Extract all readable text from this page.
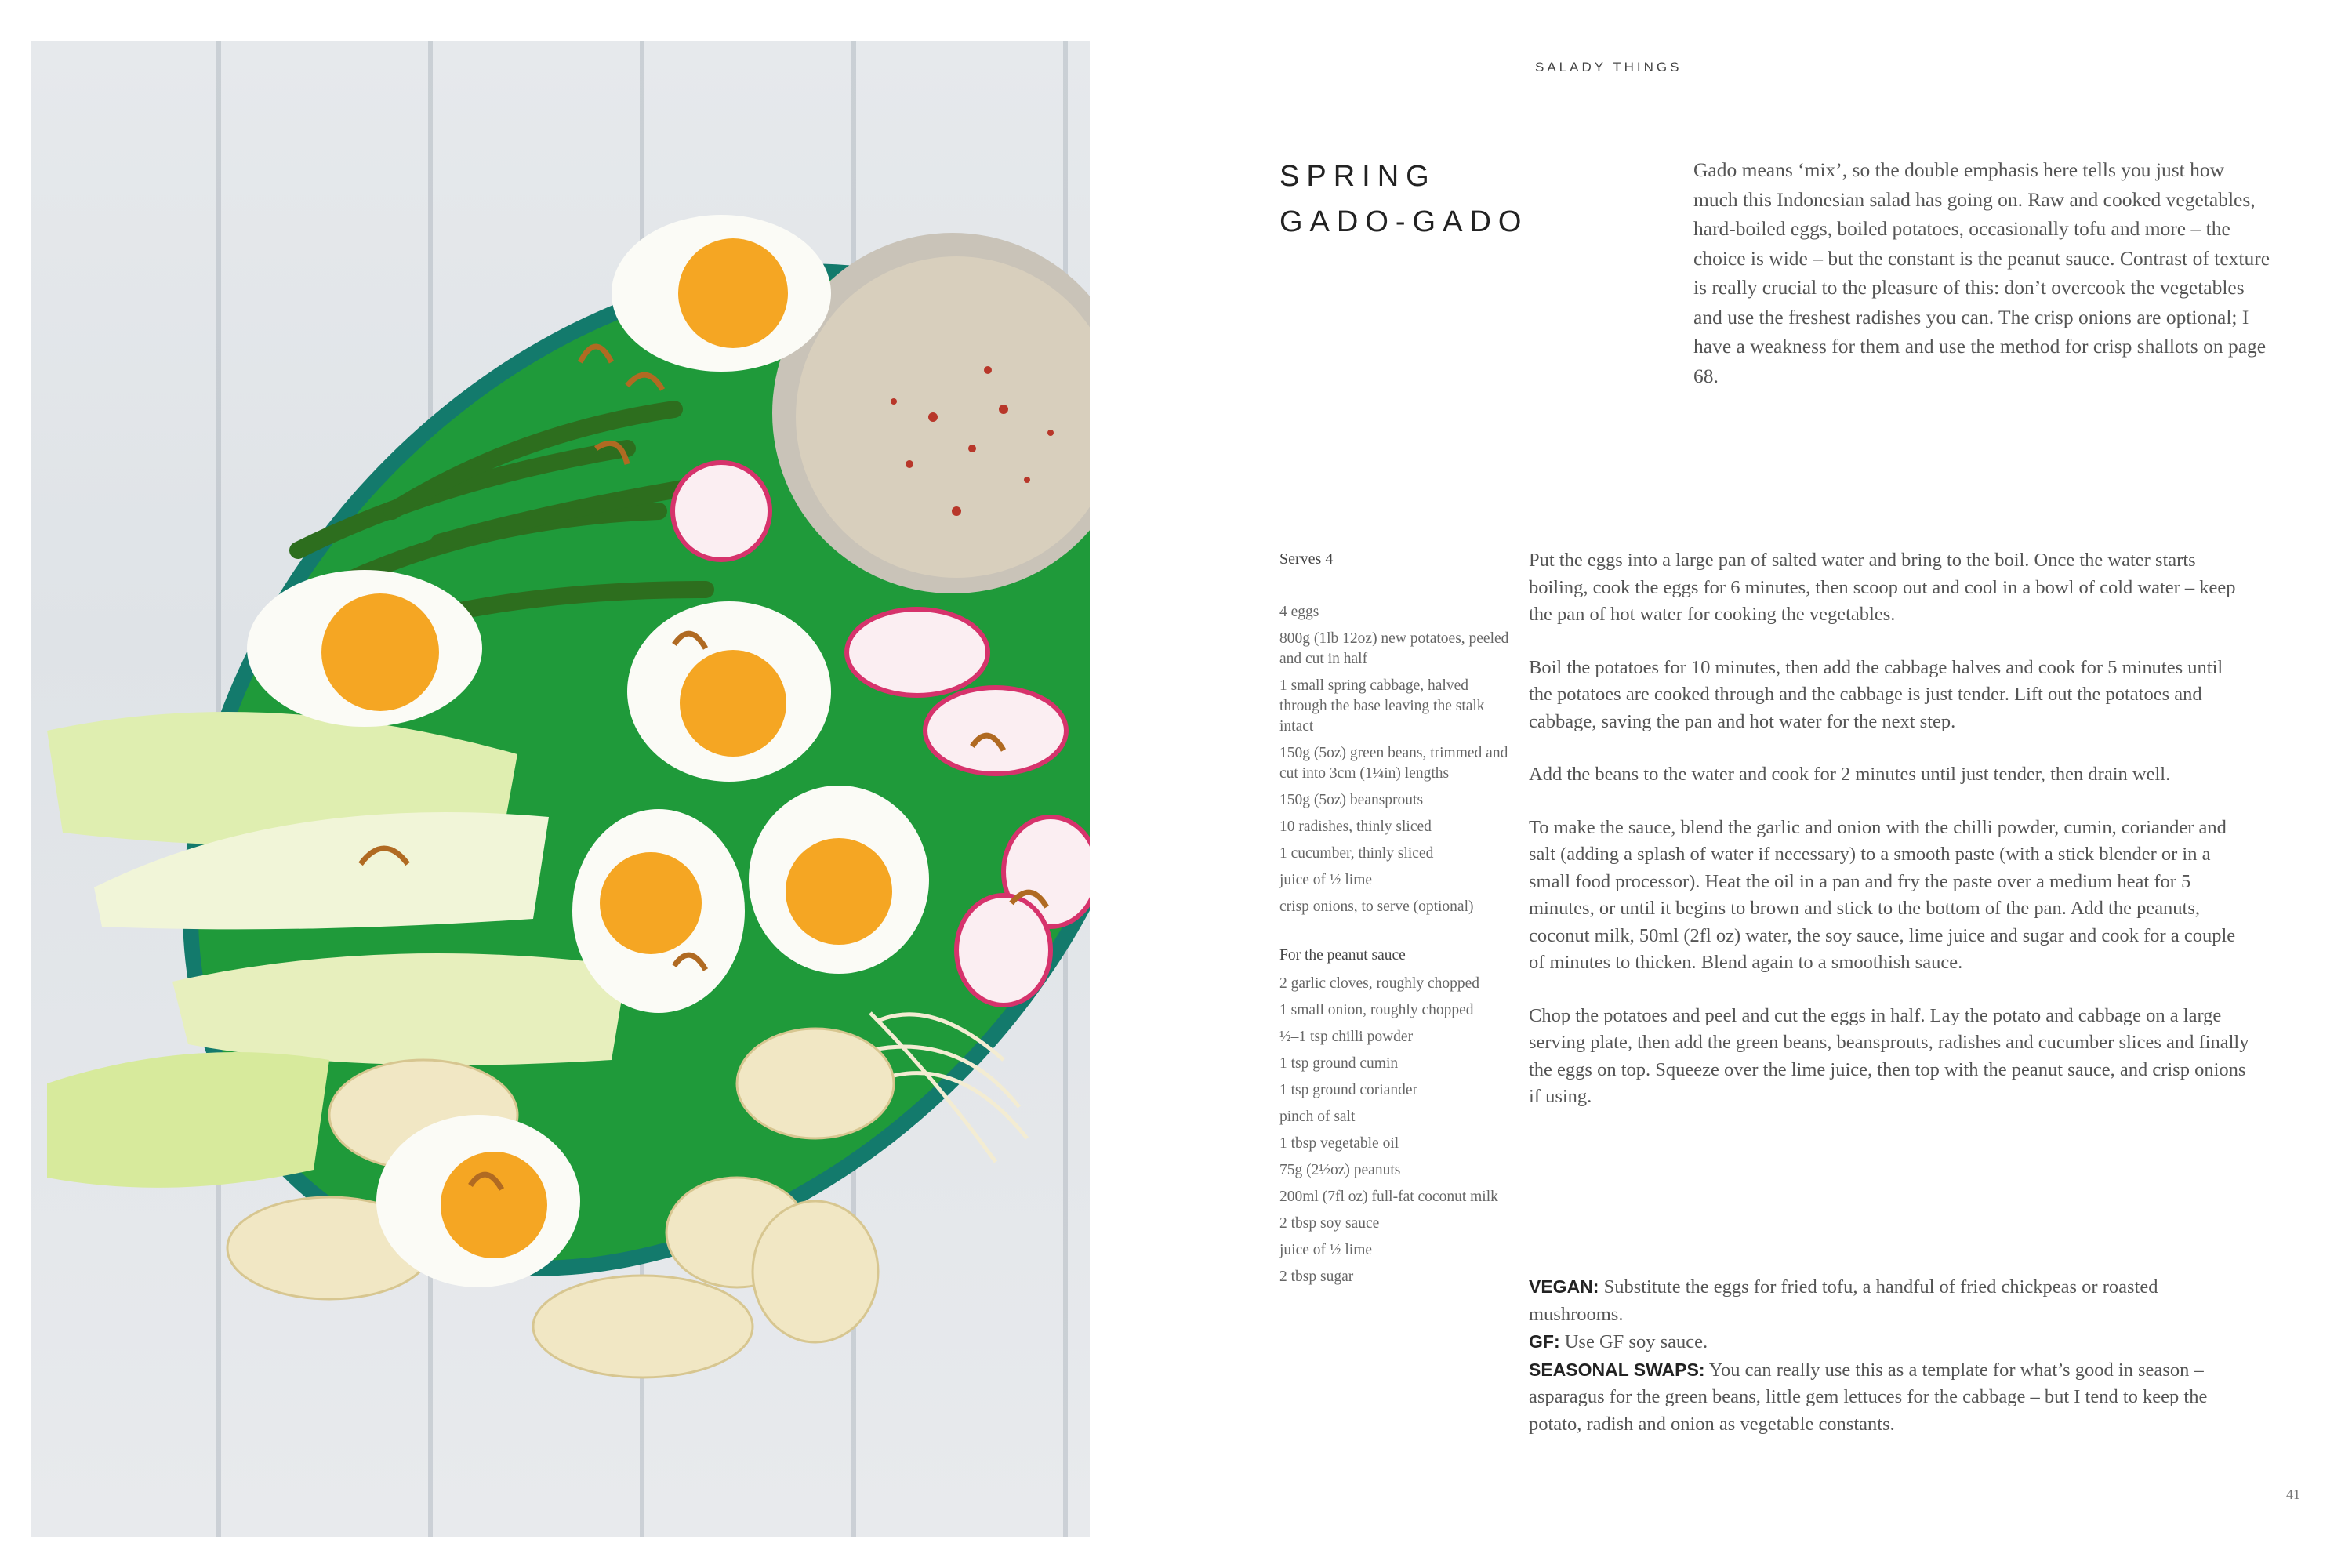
SALADY THINGS
SPRING
GADO-GADO
Gado means ‘mix’, so the double emphasis here tells you just how much this Indonesian salad has going on. Raw and cooked vegetables, hard-boiled eggs, boiled potatoes, occasionally tofu and more – the choice is wide – but the constant is the peanut sauce. Contrast of texture is really crucial to the pleasure of this: don’t overcook the vegetables and use the freshest radishes you can. The crisp onions are optional; I have a weakness for them and use the method for crisp shallots on page 68.
Serves 4
4 eggs
800g (1lb 12oz) new potatoes, peeled and cut in half
1 small spring cabbage, halved through the base leaving the stalk intact
150g (5oz) green beans, trimmed and cut into 3cm (1¼in) lengths
150g (5oz) beansprouts
10 radishes, thinly sliced
1 cucumber, thinly sliced
juice of ½ lime
crisp onions, to serve (optional)
For the peanut sauce
2 garlic cloves, roughly chopped
1 small onion, roughly chopped
½–1 tsp chilli powder
1 tsp ground cumin
1 tsp ground coriander
pinch of salt
1 tbsp vegetable oil
75g (2½oz) peanuts
200ml (7fl oz) full-fat coconut milk
2 tbsp soy sauce
juice of ½ lime
2 tbsp sugar

Put the eggs into a large pan of salted water and bring to the boil. Once the water starts boiling, cook the eggs for 6 minutes, then scoop out and cool in a bowl of cold water – keep the pan of hot water for cooking the vegetables.

Boil the potatoes for 10 minutes, then add the cabbage halves and cook for 5 minutes until the potatoes are cooked through and the cabbage is just tender. Lift out the potatoes and cabbage, saving the pan and hot water for the next step.

Add the beans to the water and cook for 2 minutes until just tender, then drain well.

To make the sauce, blend the garlic and onion with the chilli powder, cumin, coriander and salt (adding a splash of water if necessary) to a smooth paste (with a stick blender or in a small food processor). Heat the oil in a pan and fry the paste over a medium heat for 5 minutes, or until it begins to brown and stick to the bottom of the pan. Add the peanuts, coconut milk, 50ml (2fl oz) water, the soy sauce, lime juice and sugar and cook for a couple of minutes to thicken. Blend again to a smoothish sauce.

Chop the potatoes and peel and cut the eggs in half. Lay the potato and cabbage on a large serving plate, then add the green beans, beansprouts, radishes and cucumber slices and finally the eggs on top. Squeeze over the lime juice, then top with the peanut sauce, and crisp onions if using.

VEGAN: Substitute the eggs for fried tofu, a handful of fried chickpeas or roasted mushrooms.

GF: Use GF soy sauce.

SEASONAL SWAPS: You can really use this as a template for what’s good in season – asparagus for the green beans, little gem lettuces for the cabbage – but I tend to keep the potato, radish and onion as vegetable constants.

41
